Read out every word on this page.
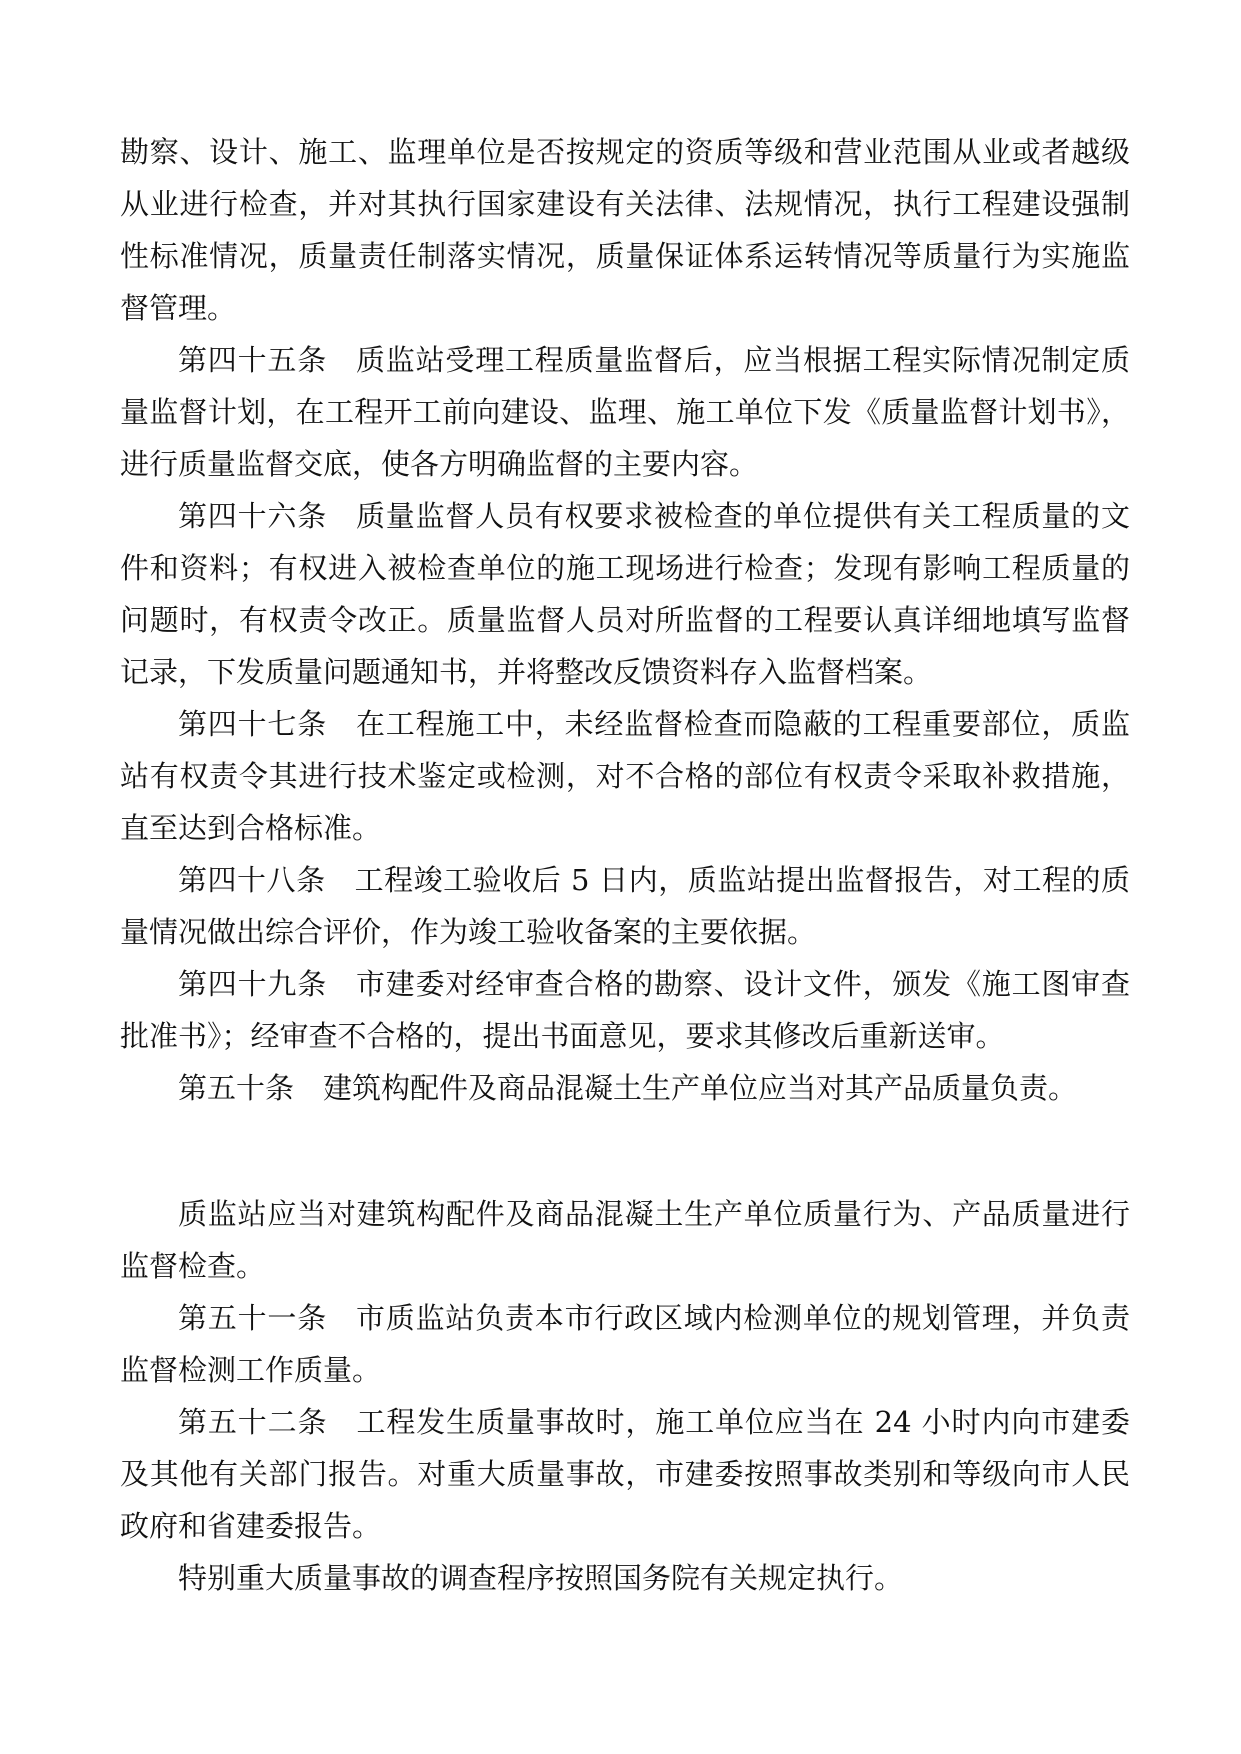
勘察、设计、施工、监理单位是否按规定的资质等级和营业范围从业或者越级从业进行检查，并对其执行国家建设有关法律、法规情况，执行工程建设强制性标准情况，质量责任制落实情况，质量保证体系运转情况等质量行为实施监督管理。

第四十五条 质监站受理工程质量监督后，应当根据工程实际情况制定质量监督计划，在工程开工前向建设、监理、施工单位下发《质量监督计划书》，进行质量监督交底，使各方明确监督的主要内容。

第四十六条 质量监督人员有权要求被检查的单位提供有关工程质量的文件和资料；有权进入被检查单位的施工现场进行检查；发现有影响工程质量的问题时，有权责令改正。质量监督人员对所监督的工程要认真详细地填写监督记录，下发质量问题通知书，并将整改反馈资料存入监督档案。

第四十七条 在工程施工中，未经监督检查而隐蔽的工程重要部位，质监站有权责令其进行技术鉴定或检测，对不合格的部位有权责令采取补救措施，直至达到合格标准。

第四十八条 工程竣工验收后 5 日内，质监站提出监督报告，对工程的质量情况做出综合评价，作为竣工验收备案的主要依据。

第四十九条 市建委对经审查合格的勘察、设计文件，颁发《施工图审查批准书》；经审查不合格的，提出书面意见，要求其修改后重新送审。

第五十条 建筑构配件及商品混凝土生产单位应当对其产品质量负责。

质监站应当对建筑构配件及商品混凝土生产单位质量行为、产品质量进行监督检查。

第五十一条 市质监站负责本市行政区域内检测单位的规划管理，并负责监督检测工作质量。

第五十二条 工程发生质量事故时，施工单位应当在 24 小时内向市建委及其他有关部门报告。对重大质量事故，市建委按照事故类别和等级向市人民政府和省建委报告。

特别重大质量事故的调查程序按照国务院有关规定执行。
